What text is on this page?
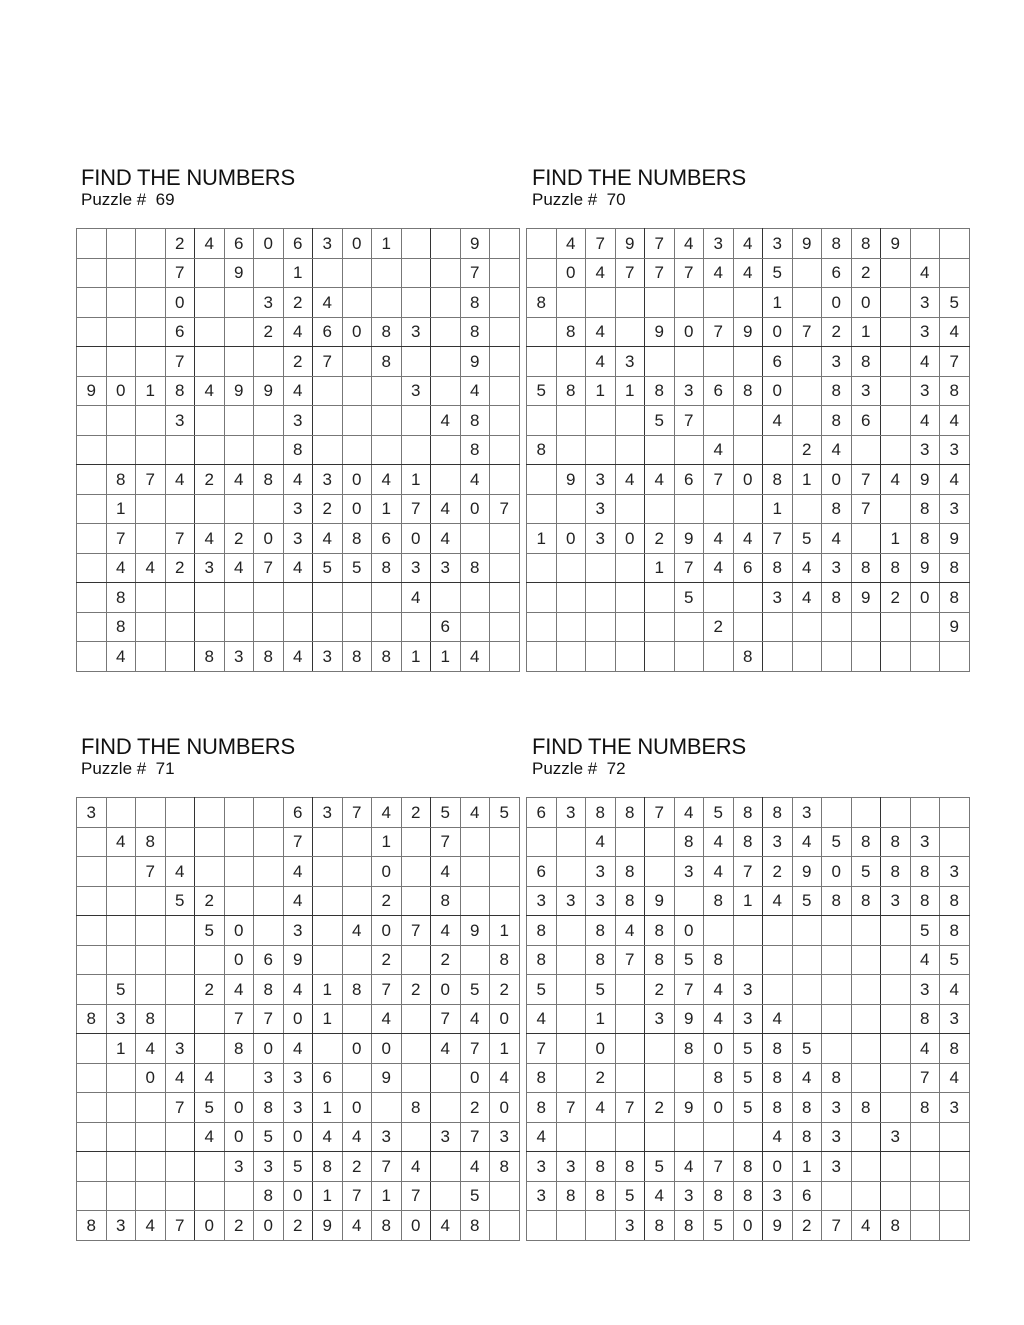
FIND THE NUMBERS
Puzzle #  69
			2	4	6	0	6	3	0	1			9	
			7		9		1						7	
			0			3	2	4					8	
			6			2	4	6	0	8	3		8	
			7				2	7		8			9	
9	0	1	8	4	9	9	4				3		4	
			3				3					4	8	
							8						8	
	8	7	4	2	4	8	4	3	0	4	1		4	
	1						3	2	0	1	7	4	0	7
	7		7	4	2	0	3	4	8	6	0	4		
	4	4	2	3	4	7	4	5	5	8	3	3	8	
	8										4			
	8											6		
	4			8	3	8	4	3	8	8	1	1	4	
FIND THE NUMBERS
Puzzle #  70
	4	7	9	7	4	3	4	3	9	8	8	9		
	0	4	7	7	7	4	4	5		6	2		4	
8								1		0	0		3	5
	8	4		9	0	7	9	0	7	2	1		3	4
		4	3					6		3	8		4	7
5	8	1	1	8	3	6	8	0		8	3		3	8
				5	7			4		8	6		4	4
8						4			2	4			3	3
	9	3	4	4	6	7	0	8	1	0	7	4	9	4
		3						1		8	7		8	3
1	0	3	0	2	9	4	4	7	5	4		1	8	9
				1	7	4	6	8	4	3	8	8	9	8
					5			3	4	8	9	2	0	8
						2								9
							8							
FIND THE NUMBERS
Puzzle #  71
3							6	3	7	4	2	5	4	5
	4	8					7			1		7		
		7	4				4			0		4		
			5	2			4			2		8		
				5	0		3		4	0	7	4	9	1
					0	6	9			2		2		8
	5			2	4	8	4	1	8	7	2	0	5	2
8	3	8			7	7	0	1		4		7	4	0
	1	4	3		8	0	4		0	0		4	7	1
		0	4	4		3	3	6		9			0	4
			7	5	0	8	3	1	0		8		2	0
				4	0	5	0	4	4	3		3	7	3
					3	3	5	8	2	7	4		4	8
						8	0	1	7	1	7		5	
8	3	4	7	0	2	0	2	9	4	8	0	4	8	
FIND THE NUMBERS
Puzzle #  72
6	3	8	8	7	4	5	8	8	3					
		4			8	4	8	3	4	5	8	8	3	
6		3	8		3	4	7	2	9	0	5	8	8	3
3	3	3	8	9		8	1	4	5	8	8	3	8	8
8		8	4	8	0								5	8
8		8	7	8	5	8							4	5
5		5		2	7	4	3						3	4
4		1		3	9	4	3	4					8	3
7		0			8	0	5	8	5				4	8
8		2				8	5	8	4	8			7	4
8	7	4	7	2	9	0	5	8	8	3	8		8	3
4								4	8	3		3		
3	3	8	8	5	4	7	8	0	1	3				
3	8	8	5	4	3	8	8	3	6					
			3	8	8	5	0	9	2	7	4	8		
